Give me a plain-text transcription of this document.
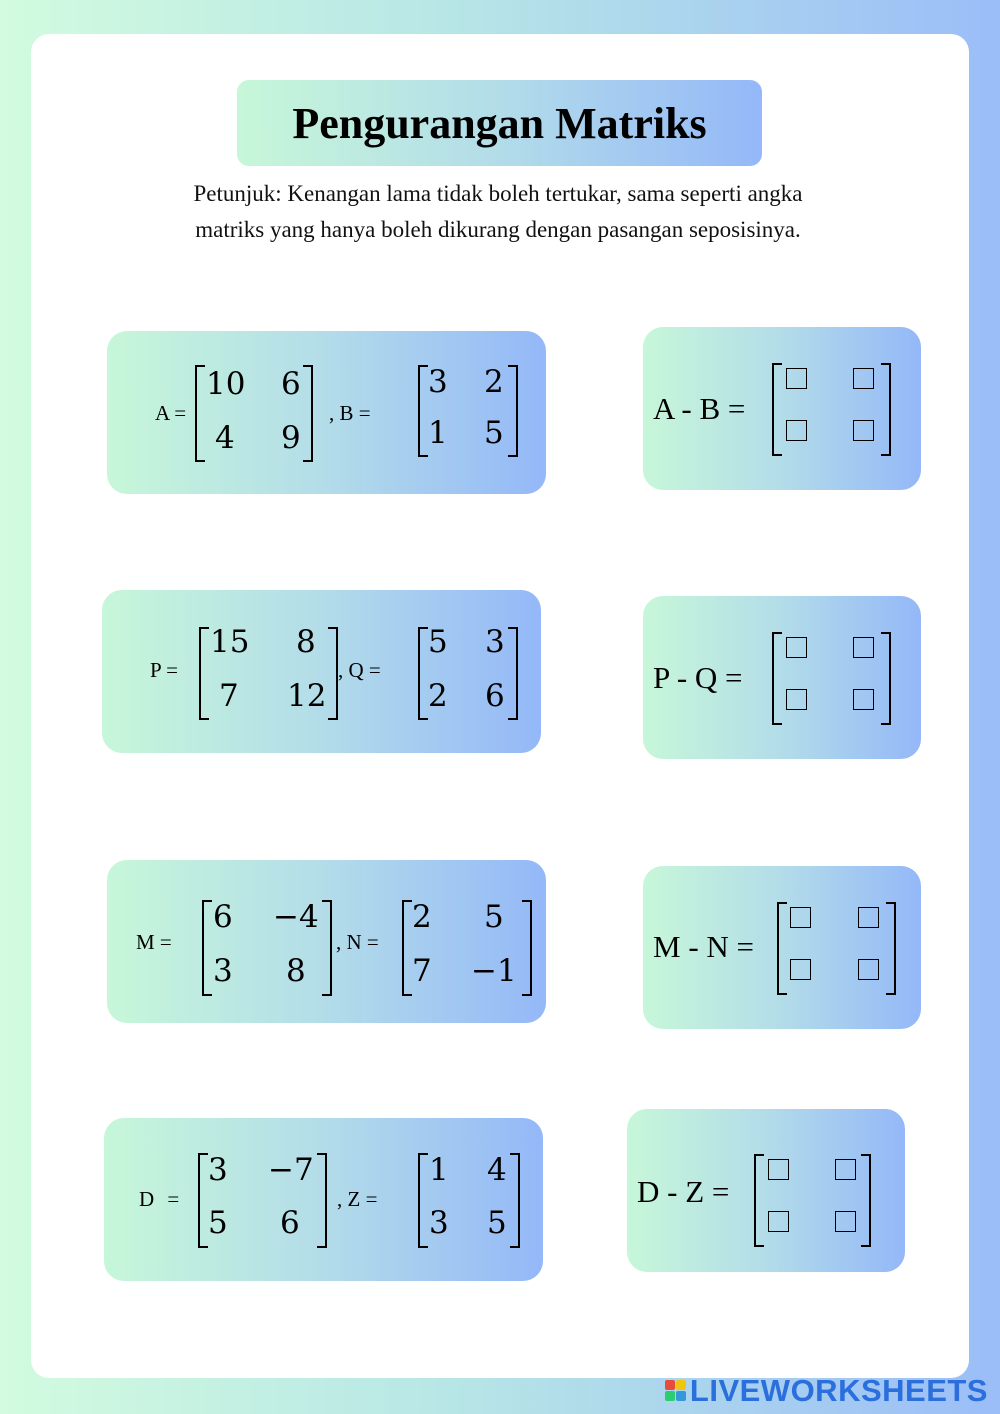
Pengurangan Matriks
Petunjuk: Kenangan lama tidak boleh tertukar, sama seperti angka
matriks yang hanya boleh dikurang dengan pasangan seposisinya.
A =
10 6
4 9
, B =
3 2
1 5
A - B =
P =
15 8
7 12
, Q =
5 3
2 6
P - Q =
M =
6 −4
3 8
, N =
2 5
7 −1
M - N =
D =
3 −7
5 6
, Z =
1 4
3 5
D - Z =
LIVEWORKSHEETS
